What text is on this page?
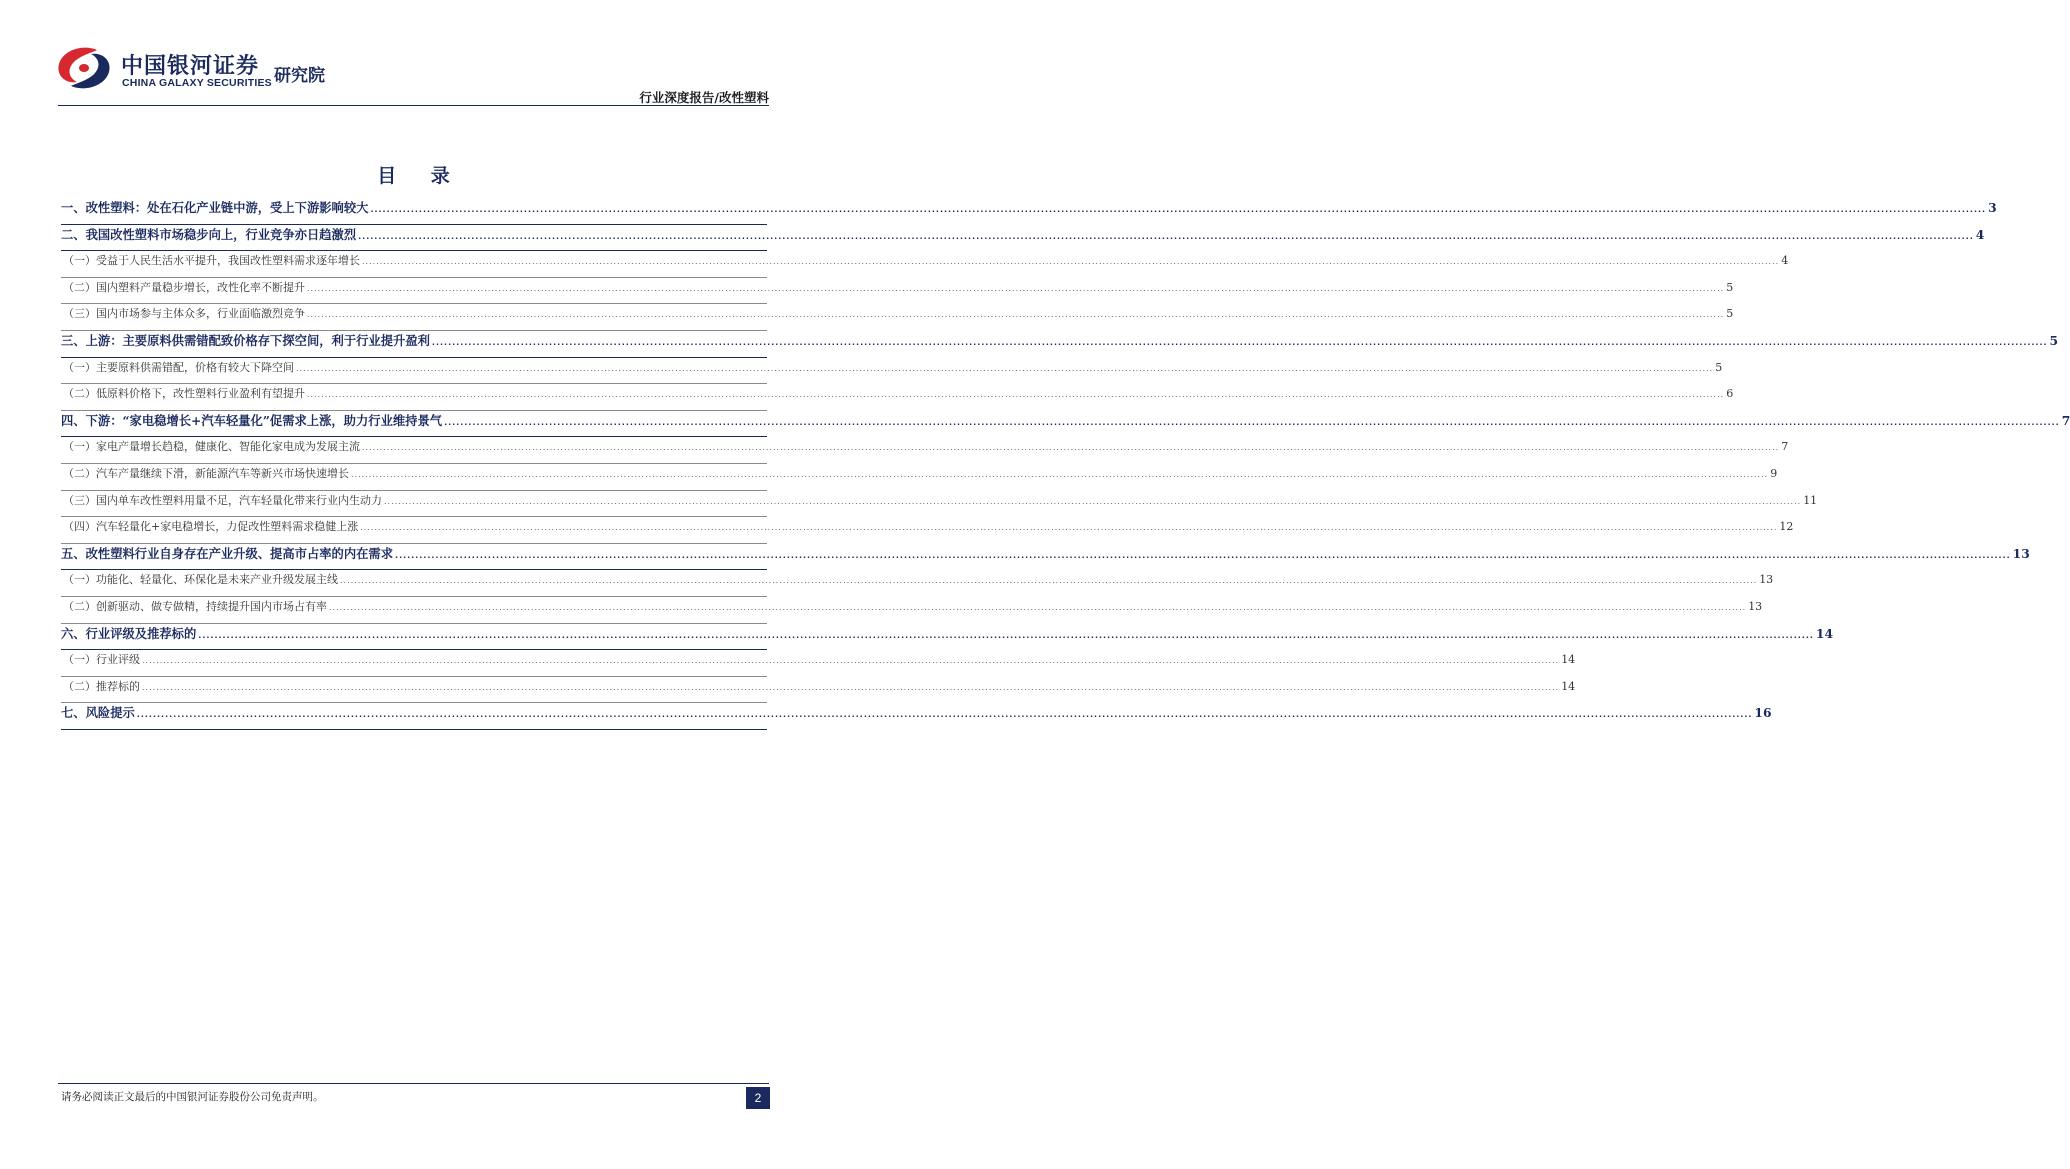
中国银河证券
CHINA GALAXY SECURITIES 研究院
行业深度报告/改性塑料
目 录
一、改性塑料：处在石化产业链中游，受上下游影响较大 ................................................................................................................................................................................................................................................................................................................................................................................................................ 3
二、我国改性塑料市场稳步向上，行业竞争亦日趋激烈 ................................................................................................................................................................................................................................................................................................................................................................................................................ 4
（一）受益于人民生活水平提升，我国改性塑料需求逐年增长 ................................................................................................................................................................................................................................................................................................................................................................................................................ 4
（二）国内塑料产量稳步增长，改性化率不断提升 ................................................................................................................................................................................................................................................................................................................................................................................................................ 5
（三）国内市场参与主体众多，行业面临激烈竞争 ................................................................................................................................................................................................................................................................................................................................................................................................................ 5
三、上游：主要原料供需错配致价格存下探空间，利于行业提升盈利 ................................................................................................................................................................................................................................................................................................................................................................................................................ 5
（一）主要原料供需错配，价格有较大下降空间 ................................................................................................................................................................................................................................................................................................................................................................................................................ 5
（二）低原料价格下，改性塑料行业盈利有望提升 ................................................................................................................................................................................................................................................................................................................................................................................................................ 6
四、下游：“家电稳增长+汽车轻量化”促需求上涨，助力行业维持景气 ................................................................................................................................................................................................................................................................................................................................................................................................................ 7
（一）家电产量增长趋稳，健康化、智能化家电成为发展主流 ................................................................................................................................................................................................................................................................................................................................................................................................................ 7
（二）汽车产量继续下滑，新能源汽车等新兴市场快速增长 ................................................................................................................................................................................................................................................................................................................................................................................................................ 9
（三）国内单车改性塑料用量不足，汽车轻量化带来行业内生动力 ................................................................................................................................................................................................................................................................................................................................................................................................................ 11
（四）汽车轻量化+家电稳增长，力促改性塑料需求稳健上涨 ................................................................................................................................................................................................................................................................................................................................................................................................................ 12
五、改性塑料行业自身存在产业升级、提高市占率的内在需求 ................................................................................................................................................................................................................................................................................................................................................................................................................ 13
（一）功能化、轻量化、环保化是未来产业升级发展主线 ................................................................................................................................................................................................................................................................................................................................................................................................................ 13
（二）创新驱动、做专做精，持续提升国内市场占有率 ................................................................................................................................................................................................................................................................................................................................................................................................................ 13
六、行业评级及推荐标的 ................................................................................................................................................................................................................................................................................................................................................................................................................ 14
（一）行业评级 ................................................................................................................................................................................................................................................................................................................................................................................................................ 14
（二）推荐标的 ................................................................................................................................................................................................................................................................................................................................................................................................................ 14
七、风险提示 ................................................................................................................................................................................................................................................................................................................................................................................................................ 16
请务必阅读正文最后的中国银河证券股份公司免责声明。	2
